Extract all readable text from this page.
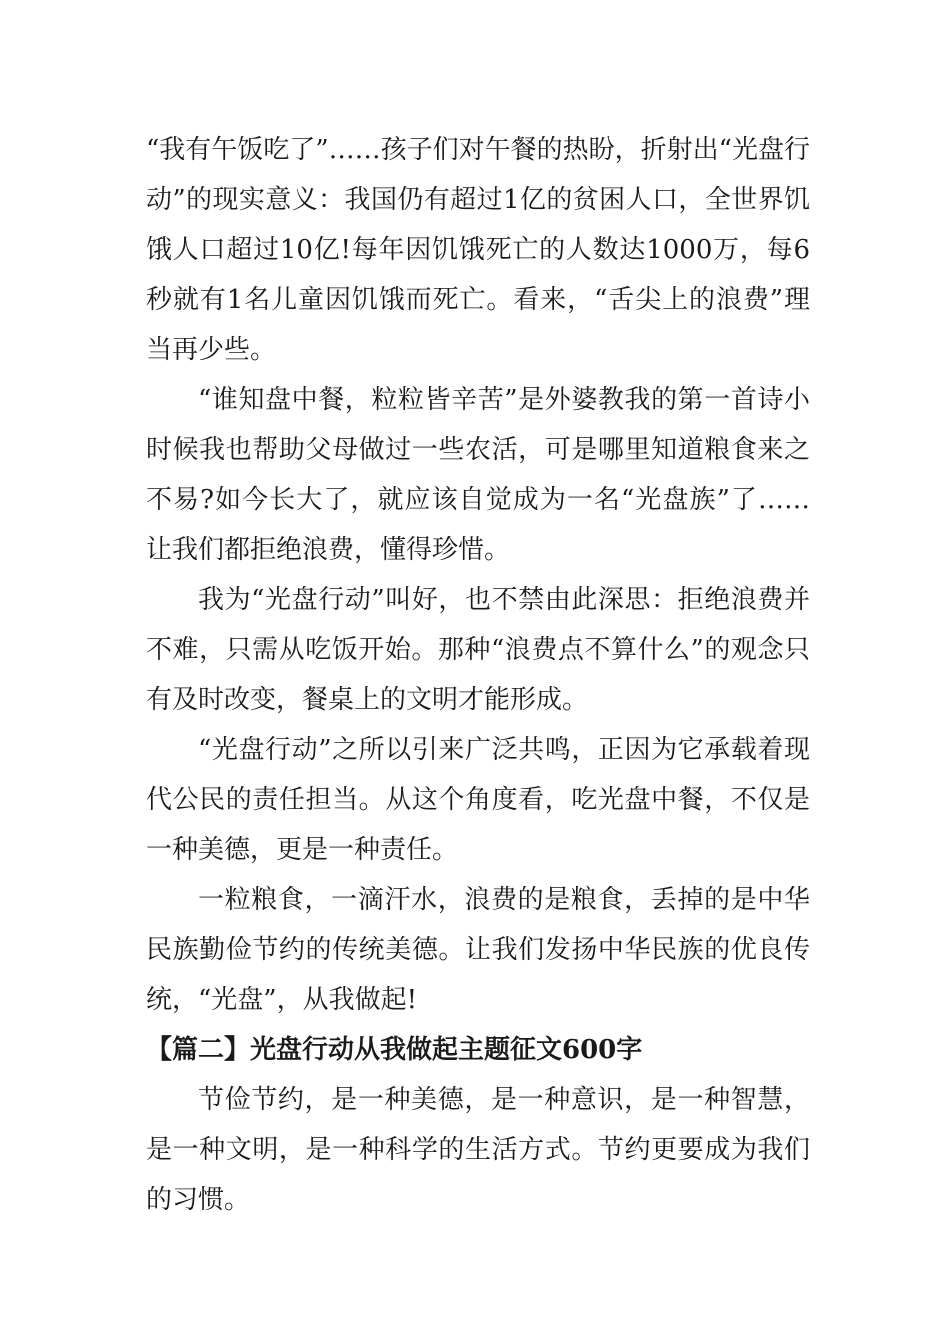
“我有午饭吃了”……孩子们对午餐的热盼，折射出“光盘行动”的现实意义：我国仍有超过1亿的贫困人口，全世界饥饿人口超过10亿!每年因饥饿死亡的人数达1000万，每6秒就有1名儿童因饥饿而死亡。看来，“舌尖上的浪费”理当再少些。

“谁知盘中餐，粒粒皆辛苦”是外婆教我的第一首诗小时候我也帮助父母做过一些农活，可是哪里知道粮食来之不易?如今长大了，就应该自觉成为一名“光盘族”了……让我们都拒绝浪费，懂得珍惜。

我为“光盘行动”叫好，也不禁由此深思：拒绝浪费并不难，只需从吃饭开始。那种“浪费点不算什么”的观念只有及时改变，餐桌上的文明才能形成。

“光盘行动”之所以引来广泛共鸣，正因为它承载着现代公民的责任担当。从这个角度看，吃光盘中餐，不仅是一种美德，更是一种责任。

一粒粮食，一滴汗水，浪费的是粮食，丢掉的是中华民族勤俭节约的传统美德。让我们发扬中华民族的优良传统，“光盘”，从我做起!

【篇二】光盘行动从我做起主题征文600字

节俭节约，是一种美德，是一种意识，是一种智慧，是一种文明，是一种科学的生活方式。节约更要成为我们的习惯。
